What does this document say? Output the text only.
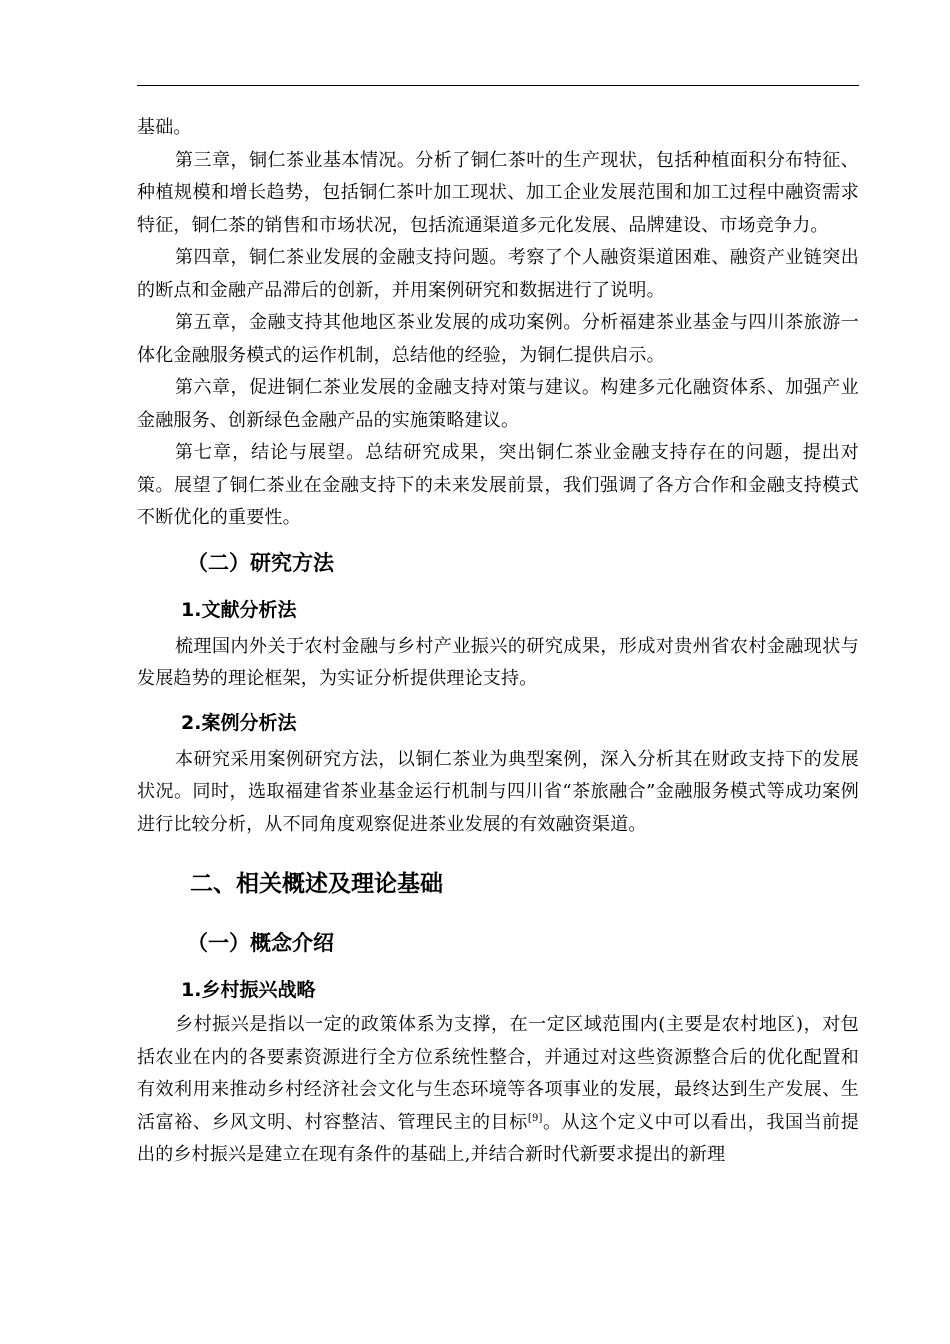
基础。

第三章，铜仁茶业基本情况。分析了铜仁茶叶的生产现状，包括种植面积分布特征、种植规模和增长趋势，包括铜仁茶叶加工现状、加工企业发展范围和加工过程中融资需求特征，铜仁茶的销售和市场状况，包括流通渠道多元化发展、品牌建设、市场竞争力。

第四章，铜仁茶业发展的金融支持问题。考察了个人融资渠道困难、融资产业链突出的断点和金融产品滞后的创新，并用案例研究和数据进行了说明。

第五章，金融支持其他地区茶业发展的成功案例。分析福建茶业基金与四川茶旅游一体化金融服务模式的运作机制，总结他的经验，为铜仁提供启示。

第六章，促进铜仁茶业发展的金融支持对策与建议。构建多元化融资体系、加强产业金融服务、创新绿色金融产品的实施策略建议。

第七章，结论与展望。总结研究成果，突出铜仁茶业金融支持存在的问题，提出对策。展望了铜仁茶业在金融支持下的未来发展前景，我们强调了各方合作和金融支持模式不断优化的重要性。

（二）研究方法
1.文献分析法

梳理国内外关于农村金融与乡村产业振兴的研究成果，形成对贵州省农村金融现状与发展趋势的理论框架，为实证分析提供理论支持。

2.案例分析法

本研究采用案例研究方法，以铜仁茶业为典型案例，深入分析其在财政支持下的发展状况。同时，选取福建省茶业基金运行机制与四川省“茶旅融合”金融服务模式等成功案例进行比较分析，从不同角度观察促进茶业发展的有效融资渠道。

二、相关概述及理论基础
（一）概念介绍
1.乡村振兴战略

乡村振兴是指以一定的政策体系为支撑，在一定区域范围内(主要是农村地区)，对包括农业在内的各要素资源进行全方位系统性整合，并通过对这些资源整合后的优化配置和有效利用来推动乡村经济社会文化与生态环境等各项事业的发展，最终达到生产发展、生活富裕、乡风文明、村容整洁、管理民主的目标[9]。从这个定义中可以看出，我国当前提出的乡村振兴是建立在现有条件的基础上,并结合新时代新要求提出的新理
